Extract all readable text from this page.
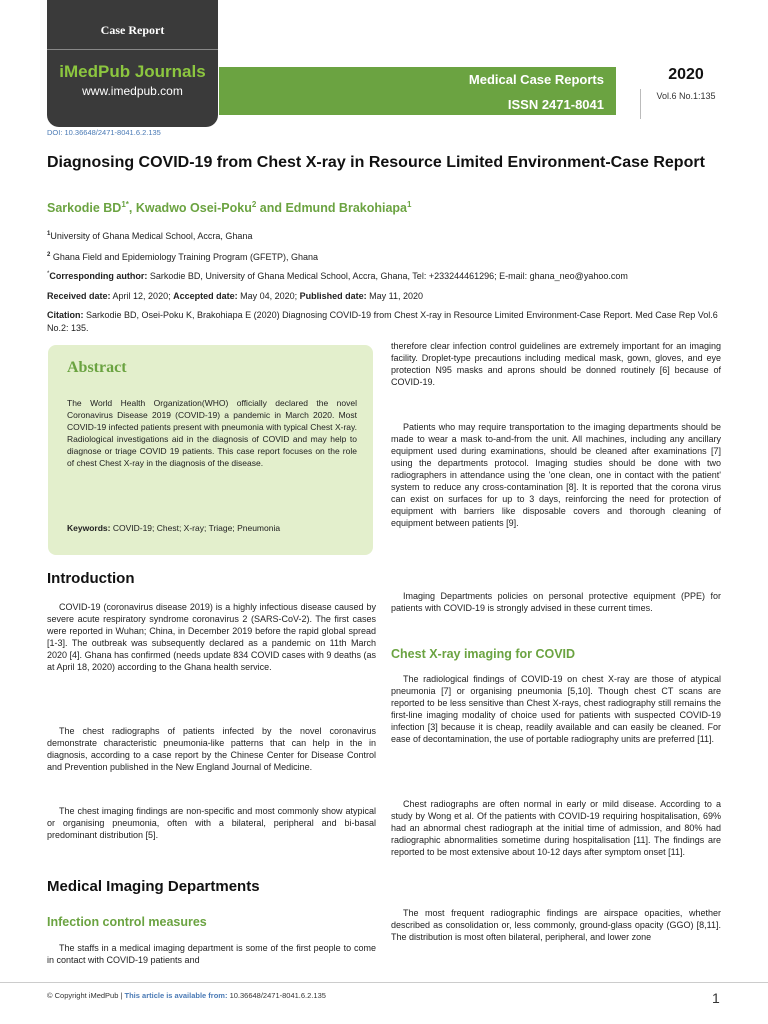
Case Report
iMedPub Journals
www.imedpub.com
Medical Case Reports
ISSN 2471-8041
2020
Vol.6 No.1:135
DOI: 10.36648/2471-8041.6.2.135
Diagnosing COVID-19 from Chest X-ray in Resource Limited Environment-Case Report
Sarkodie $BD^{1*}$, Kwadwo Osei-Poku$^2$ and Edmund Brakohiapa$^1$
$^1$University of Ghana Medical School, Accra, Ghana
$^2$ Ghana Field and Epidemiology Training Program (GFETP), Ghana
*Corresponding author: Sarkodie BD, University of Ghana Medical School, Accra, Ghana, Tel: +233244461296; E-mail: ghana_neo@yahoo.com
Received date: April 12, 2020; Accepted date: May 04, 2020; Published date: May 11, 2020
Citation: Sarkodie BD, Osei-Poku K, Brakohiapa E (2020) Diagnosing COVID-19 from Chest X-ray in Resource Limited Environment-Case Report. Med Case Rep Vol.6 No.2: 135.
Abstract
The World Health Organization(WHO) officially declared the novel Coronavirus Disease 2019 (COVID-19) a pandemic in March 2020. Most COVID-19 infected patients present with pneumonia with typical Chest X-ray. Radiological investigations aid in the diagnosis of COVID and may help to diagnose or triage COVID 19 patients. This case report focuses on the role of chest Chest X-ray in the diagnosis of the disease.
Keywords: COVID-19; Chest; X-ray; Triage; Pneumonia
Introduction

COVID-19 (coronavirus disease 2019) is a highly infectious disease caused by severe acute respiratory syndrome coronavirus 2 (SARS-CoV-2). The first cases were reported in Wuhan; China, in December 2019 before the rapid global spread [1-3]. The outbreak was subsequently declared as a pandemic on 11th March 2020 [4]. Ghana has confirmed (needs update 834 COVID cases with 9 deaths (as at April 18, 2020) according to the Ghana health service.

The chest radiographs of patients infected by the novel coronavirus demonstrate characteristic pneumonia-like patterns that can help in the in diagnosis, according to a case report by the Chinese Center for Disease Control and Prevention published in the New England Journal of Medicine.

The chest imaging findings are non-specific and most commonly show atypical or organising pneumonia, often with a bilateral, peripheral and bi-basal predominant distribution [5].

Medical Imaging Departments
Infection control measures

The staffs in a medical imaging department is some of the first people to come in contact with COVID-19 patients and

therefore clear infection control guidelines are extremely important for an imaging facility. Droplet-type precautions including medical mask, gown, gloves, and eye protection N95 masks and aprons should be donned routinely [6] because of COVID-19.

Patients who may require transportation to the imaging departments should be made to wear a mask to-and-from the unit. All machines, including any ancillary equipment used during examinations, should be cleaned after examinations [7] using the departments protocol. Imaging studies should be done with two radiographers in attendance using the 'one clean, one in contact with the patient' system to reduce any cross-contamination [8]. It is reported that the corona virus can exist on surfaces for up to 3 days, reinforcing the need for protection of equipment with barriers like disposable covers and thorough cleaning of equipment between patients [9].

Imaging Departments policies on personal protective equipment (PPE) for patients with COVID-19 is strongly advised in these current times.

Chest X-ray imaging for COVID

The radiological findings of COVID-19 on chest X-ray are those of atypical pneumonia [7] or organising pneumonia [5,10]. Though chest CT scans are reported to be less sensitive than Chest X-rays, chest radiography still remains the first-line imaging modality of choice used for patients with suspected COVID-19 infection [3] because it is cheap, readily available and can easily be cleaned. For ease of decontamination, the use of portable radiography units are preferred [11].

Chest radiographs are often normal in early or mild disease. According to a study by Wong et al. Of the patients with COVID-19 requiring hospitalisation, 69% had an abnormal chest radiograph at the initial time of admission, and 80% had radiographic abnormalities sometime during hospitalisation [11]. The findings are reported to be most extensive about 10-12 days after symptom onset [11].

The most frequent radiographic findings are airspace opacities, whether described as consolidation or, less commonly, ground-glass opacity (GGO) [8,11]. The distribution is most often bilateral, peripheral, and lower zone

© Copyright iMedPub | This article is available from: 10.36648/2471-8041.6.2.135	1
